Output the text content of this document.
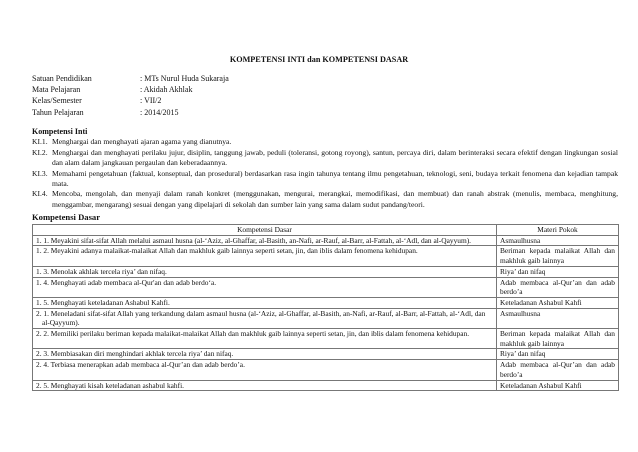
KOMPETENSI INTI dan KOMPETENSI DASAR
Satuan Pendidikan	: MTs Nurul Huda Sukaraja
Mata Pelajaran	: Akidah Akhlak
Kelas/Semester	: VII/2
Tahun Pelajaran	: 2014/2015
Kompetensi Inti
KI.1. Menghargai dan menghayati ajaran agama yang dianutnya.
KI.2. Menghargai dan menghayati perilaku jujur, disiplin, tanggung jawab, peduli (toleransi, gotong royong), santun, percaya diri, dalam berinteraksi secara efektif dengan lingkungan sosial dan alam dalam jangkauan pergaulan dan keberadaannya.
KI.3. Memahami pengetahuan (faktual, konseptual, dan prosedural) berdasarkan rasa ingin tahunya tentang ilmu pengetahuan, teknologi, seni, budaya terkait fenomena dan kejadian tampak mata.
KI.4. Mencoba, mengolah, dan menyaji dalam ranah konkret (menggunakan, mengurai, merangkai, memodifikasi, dan membuat) dan ranah abstrak (menulis, membaca, menghitung, menggambar, mengarang) sesuai dengan yang dipelajari di sekolah dan sumber lain yang sama dalam sudut pandang/teori.
Kompetensi Dasar
Kompetensi Dasar	Materi Pokok
1. 1. Meyakini sifat-sifat Allah melalui asmaul husna (al-‘Aziz, al-Ghaffar, al-Basith, an-Nafi, ar-Rauf, al-Barr, al-Fattah, al-‘Adl, dan al-Qayyum).	Asmaulhusna
1. 2. Meyakini adanya malaikat-malaikat Allah dan makhluk gaib lainnya seperti setan, jin, dan iblis dalam fenomena kehidupan.	Beriman kepada malaikat Allah dan makhluk gaib lainnya
1. 3. Menolak akhlak tercela riya’ dan nifaq.	Riya’ dan nifaq
1. 4. Menghayati adab membaca al-Qur'an dan adab berdo‘a.	Adab membaca al-Qur’an dan adab berdo’a
1. 5. Menghayati keteladanan Ashabul Kahfi.	Keteladanan Ashabul Kahfi
2. 1. Meneladani sifat-sifat Allah yang terkandung dalam asmaul husna (al-‘Aziz, al-Ghaffar, al-Basith, an-Nafi, ar-Rauf, al-Barr, al-Fattah, al-‘Adl, dan al-Qayyum).	Asmaulhusna
2. 2. Memiliki perilaku beriman kepada malaikat-malaikat Allah dan makhluk gaib lainnya seperti setan, jin, dan iblis dalam fenomena kehidupan.	Beriman kepada malaikat Allah dan makhluk gaib lainnya
2. 3. Membiasakan diri menghindari akhlak tercela riya’ dan nifaq.	Riya’ dan nifaq
2. 4. Terbiasa menerapkan adab membaca al-Qur’an dan adab berdo’a.	Adab membaca al-Qur’an dan adab berdo’a
2. 5. Menghayati kisah keteladanan ashabul kahfi.	Keteladanan Ashabul Kahfi
